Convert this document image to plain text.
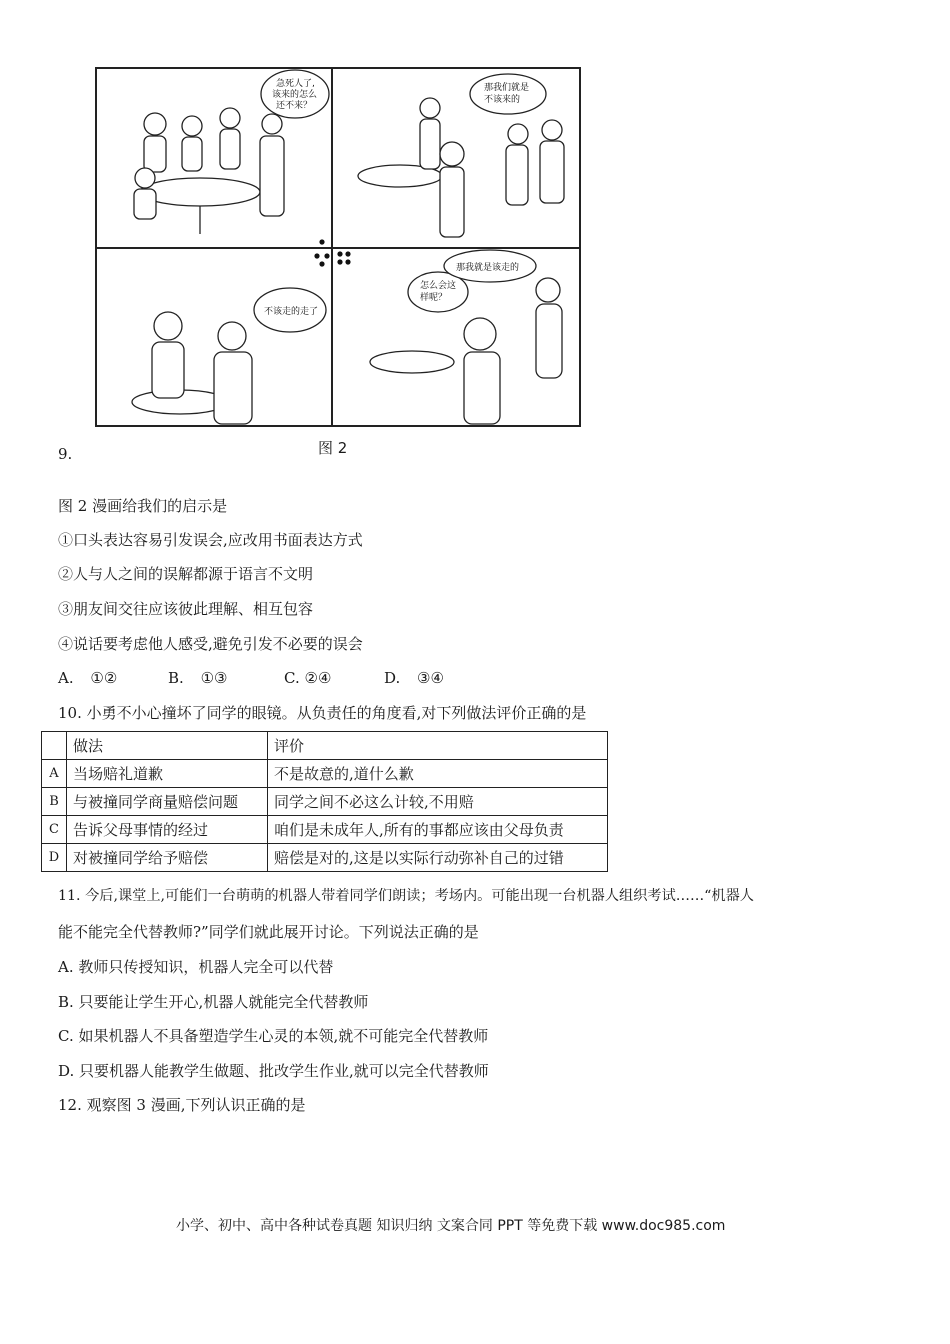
急死人了,
该来的怎么
还不来？
那我们就是
不该来的
不该走的走了
怎么会这
样呢？
那我就是该走的
图 2
9.
图 2 漫画给我们的启示是
①口头表达容易引发误会,应改用书面表达方式
②人与人之间的误解都源于语言不文明
③朋友间交往应该彼此理解、相互包容
④说话要考虑他人感受,避免引发不必要的误会
A. ①②	B. ①③	C. ②④	D. ③④
10. 小勇不小心撞坏了同学的眼镜。从负责任的角度看,对下列做法评价正确的是
	做法	评价
A	当场赔礼道歉	不是故意的,道什么歉
B	与被撞同学商量赔偿问题	同学之间不必这么计较,不用赔
C	告诉父母事情的经过	咱们是未成年人,所有的事都应该由父母负责
D	对被撞同学给予赔偿	赔偿是对的,这是以实际行动弥补自己的过错
11. 今后,课堂上,可能们一台萌萌的机器人带着同学们朗读；考场内。可能出现一台机器人组织考试……“机器人
能不能完全代替教师?”同学们就此展开讨论。下列说法正确的是
A. 教师只传授知识，机器人完全可以代替
B. 只要能让学生开心,机器人就能完全代替教师
C. 如果机器人不具备塑造学生心灵的本领,就不可能完全代替教师
D. 只要机器人能教学生做题、批改学生作业,就可以完全代替教师
12. 观察图 3 漫画,下列认识正确的是
小学、初中、高中各种试卷真题 知识归纳 文案合同 PPT 等免费下载 www.doc985.com
